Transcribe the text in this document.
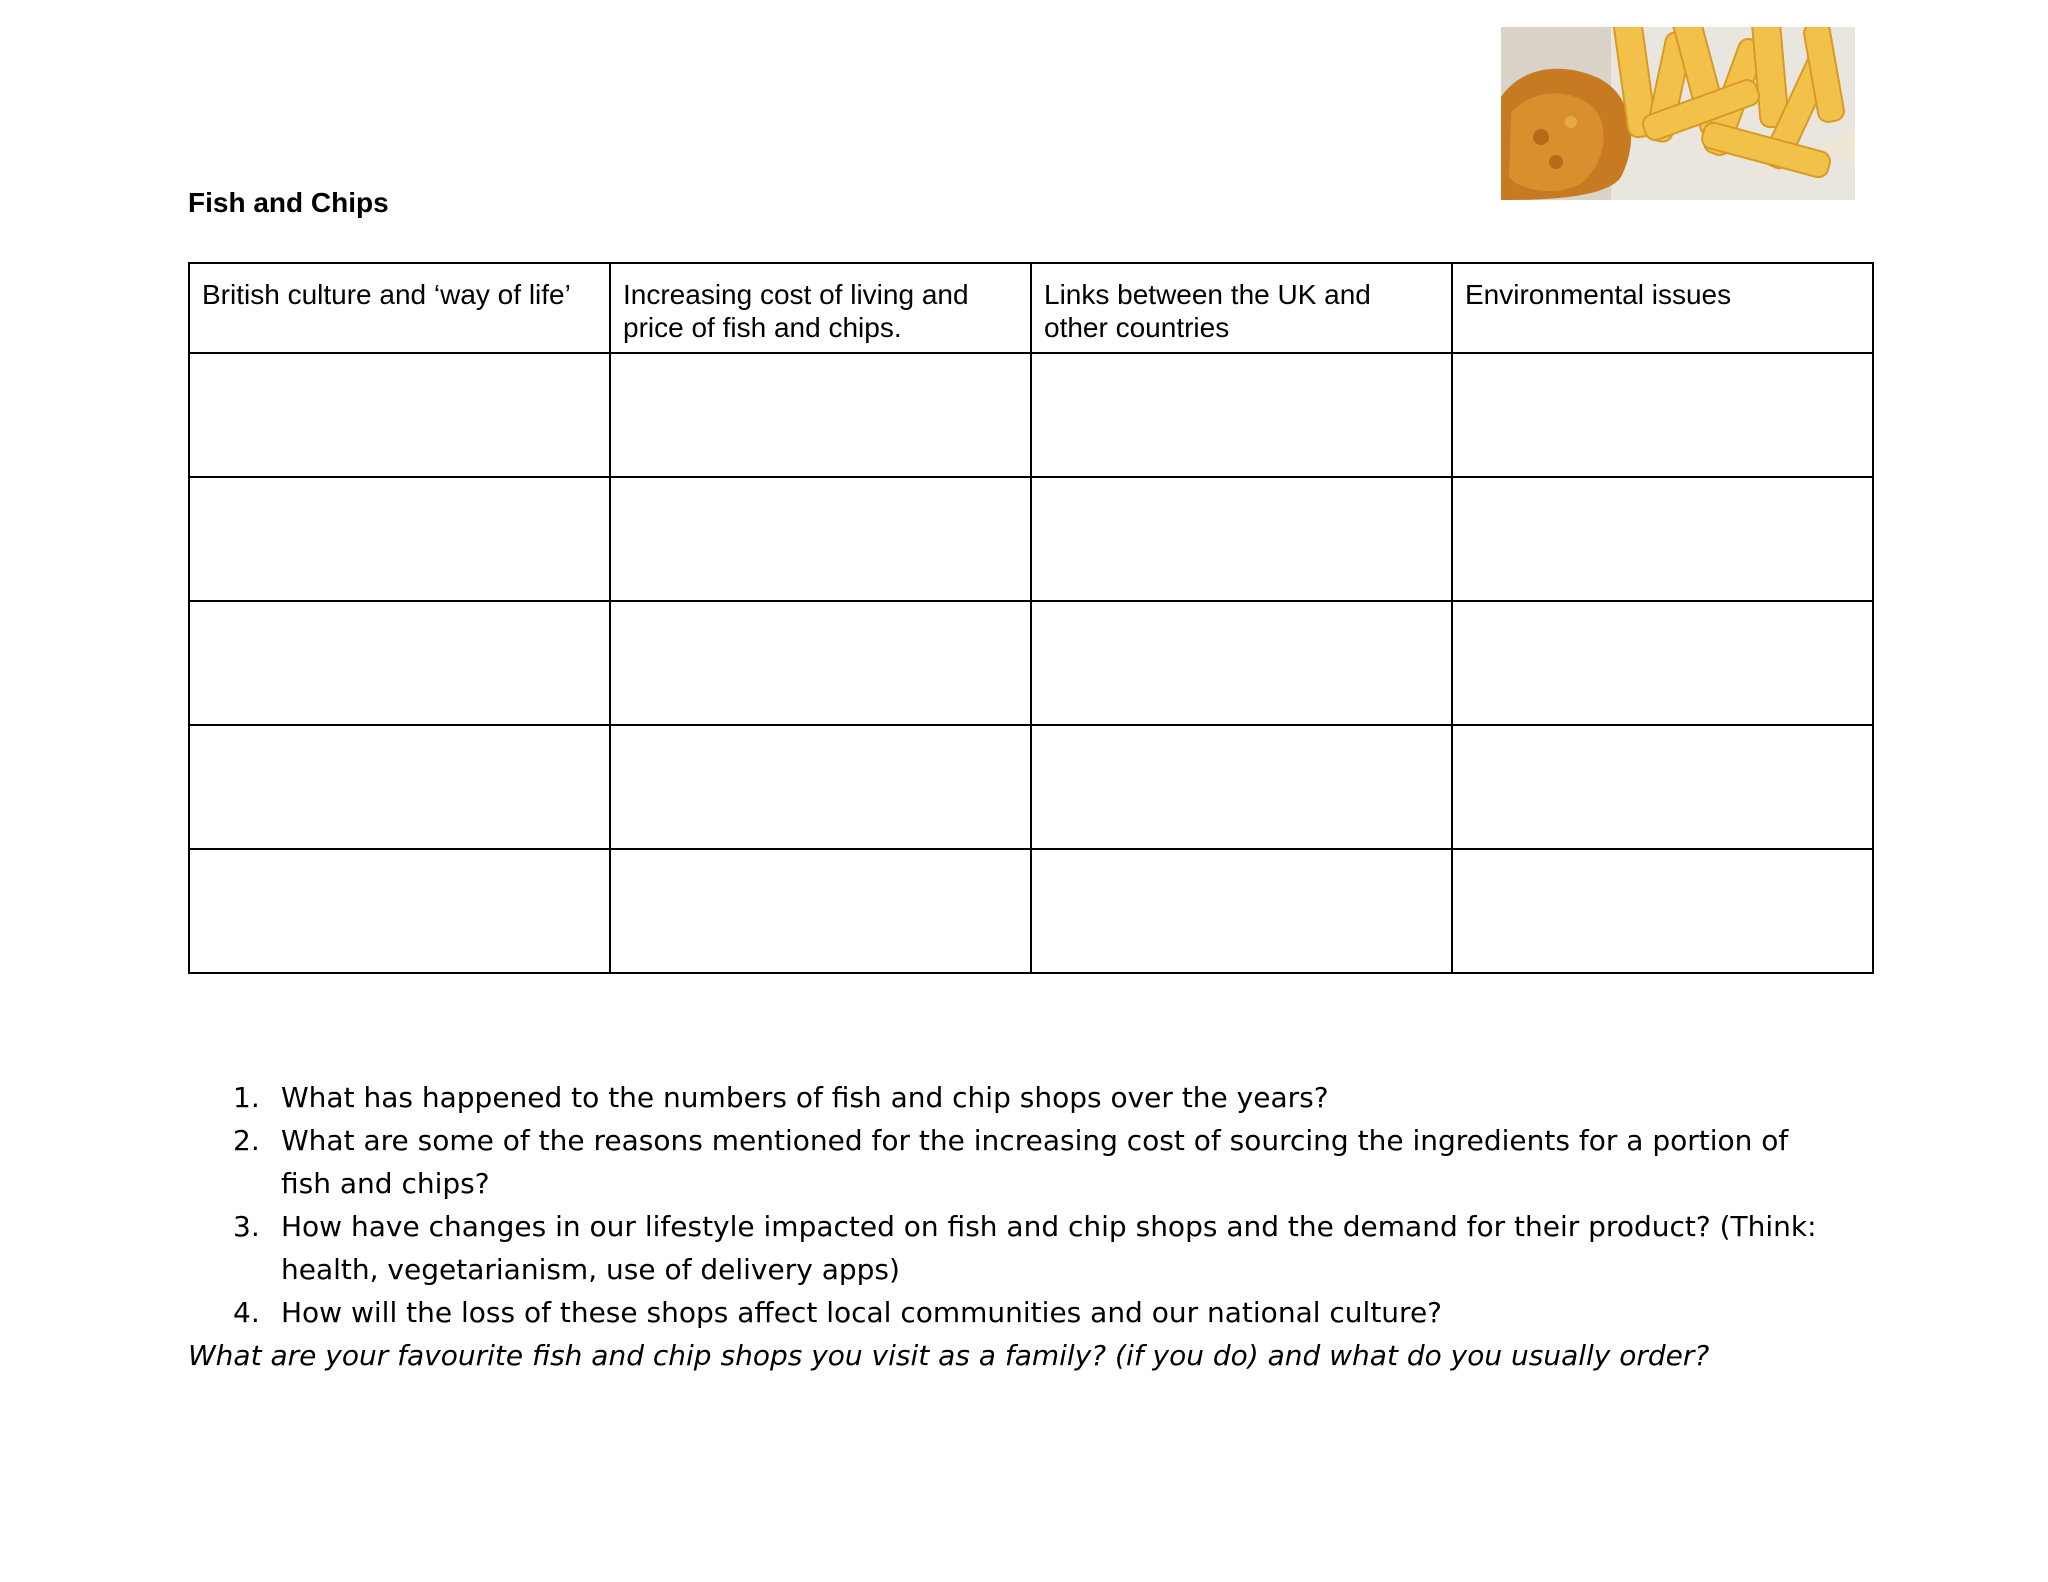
Fish and Chips
British culture and ‘way of life’	Increasing cost of living and price of fish and chips.	Links between the UK and other countries	Environmental issues

1. What has happened to the numbers of fish and chip shops over the years?
2. What are some of the reasons mentioned for the increasing cost of sourcing the ingredients for a portion of fish and chips?
3. How have changes in our lifestyle impacted on fish and chip shops and the demand for their product? (Think: health, vegetarianism, use of delivery apps)
4. How will the loss of these shops affect local communities and our national culture?

What are your favourite fish and chip shops you visit as a family? (if you do) and what do you usually order?
